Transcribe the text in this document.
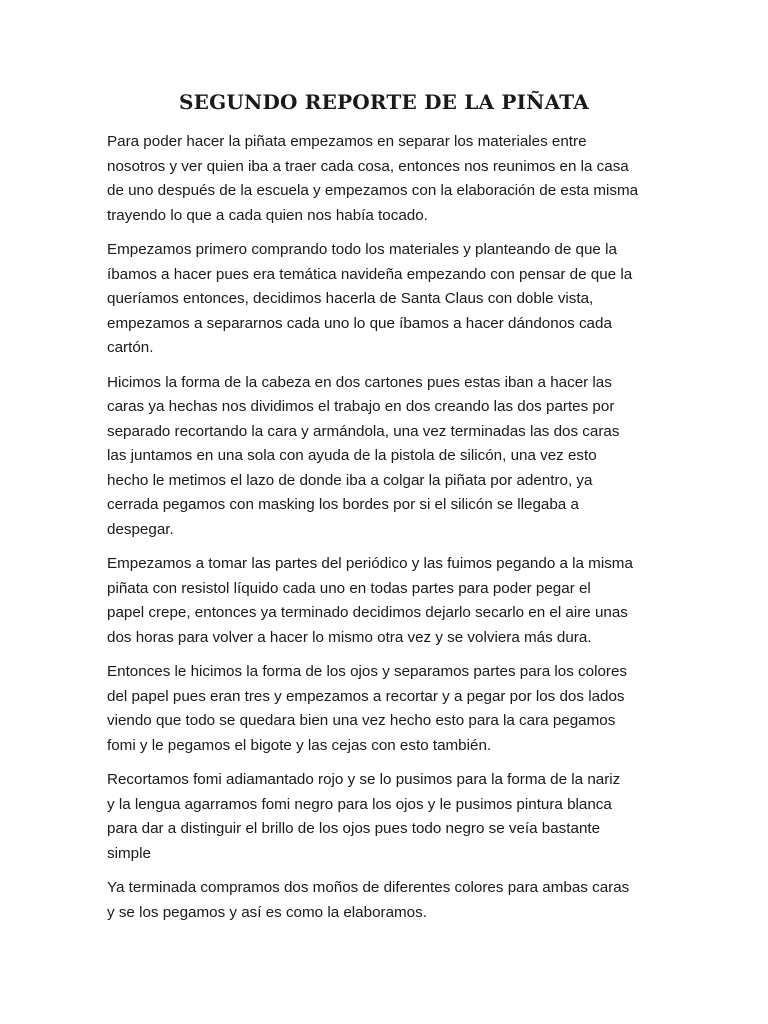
SEGUNDO REPORTE DE LA PIÑATA

Para poder hacer la piñata empezamos en separar los materiales entre
nosotros y ver quien iba a traer cada cosa, entonces nos reunimos en la casa
de uno después de la escuela y empezamos con la elaboración de esta misma
trayendo lo que a cada quien nos había tocado.

Empezamos primero comprando todo los materiales y planteando de que la
íbamos a hacer pues era temática navideña empezando con pensar de que la
queríamos entonces, decidimos hacerla de Santa Claus con doble vista,
empezamos a separarnos cada uno lo que íbamos a hacer dándonos cada
cartón.

Hicimos la forma de la cabeza en dos cartones pues estas iban a hacer las
caras ya hechas nos dividimos el trabajo en dos creando las dos partes por
separado recortando la cara y armándola, una vez terminadas las dos caras
las juntamos en una sola con ayuda de la pistola de silicón, una vez esto
hecho le metimos el lazo de donde iba a colgar la piñata por adentro, ya
cerrada pegamos con masking los bordes por si el silicón se llegaba a
despegar.

Empezamos a tomar las partes del periódico y las fuimos pegando a la misma
piñata con resistol líquido cada uno en todas partes para poder pegar el
papel crepe, entonces ya terminado decidimos dejarlo secarlo en el aire unas
dos horas para volver a hacer lo mismo otra vez y se volviera más dura.

Entonces le hicimos la forma de los ojos y separamos partes para los colores
del papel pues eran tres y empezamos a recortar y a pegar por los dos lados
viendo que todo se quedara bien una vez hecho esto para la cara pegamos
fomi y le pegamos el bigote y las cejas con esto también.

Recortamos fomi adiamantado rojo y se lo pusimos para la forma de la nariz
y la lengua agarramos fomi negro para los ojos y le pusimos pintura blanca
para dar a distinguir el brillo de los ojos pues todo negro se veía bastante
simple

Ya terminada compramos dos moños de diferentes colores para ambas caras
y se los pegamos y así es como la elaboramos.
